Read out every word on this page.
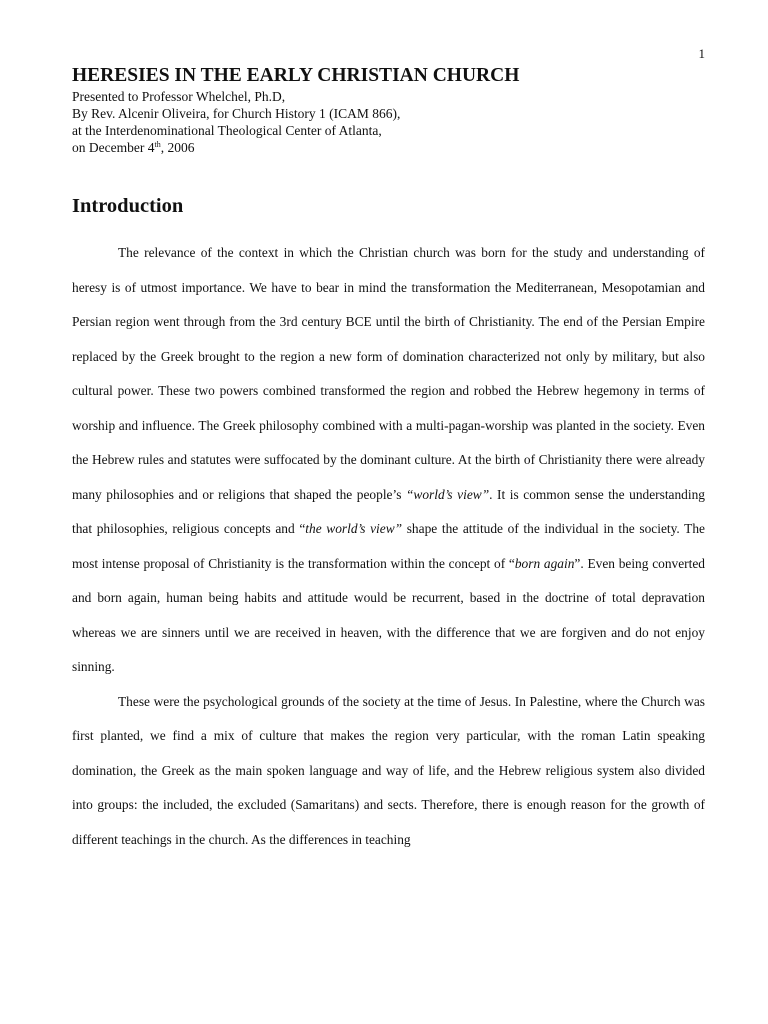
1
HERESIES IN THE EARLY CHRISTIAN CHURCH
Presented to Professor Whelchel, Ph.D,
By Rev. Alcenir Oliveira, for Church History 1 (ICAM 866),
at the Interdenominational Theological Center of Atlanta,
on December 4th, 2006
Introduction

The relevance of the context in which the Christian church was born for the study and understanding of heresy is of utmost importance. We have to bear in mind the transformation the Mediterranean, Mesopotamian and Persian region went through from the 3rd century BCE until the birth of Christianity. The end of the Persian Empire replaced by the Greek brought to the region a new form of domination characterized not only by military, but also cultural power. These two powers combined transformed the region and robbed the Hebrew hegemony in terms of worship and influence. The Greek philosophy combined with a multi-pagan-worship was planted in the society. Even the Hebrew rules and statutes were suffocated by the dominant culture. At the birth of Christianity there were already many philosophies and or religions that shaped the people’s “world’s view”. It is common sense the understanding that philosophies, religious concepts and “the world’s view” shape the attitude of the individual in the society. The most intense proposal of Christianity is the transformation within the concept of “born again”. Even being converted and born again, human being habits and attitude would be recurrent, based in the doctrine of total depravation whereas we are sinners until we are received in heaven, with the difference that we are forgiven and do not enjoy sinning.

These were the psychological grounds of the society at the time of Jesus. In Palestine, where the Church was first planted, we find a mix of culture that makes the region very particular, with the roman Latin speaking domination, the Greek as the main spoken language and way of life, and the Hebrew religious system also divided into groups: the included, the excluded (Samaritans) and sects. Therefore, there is enough reason for the growth of different teachings in the church. As the differences in teaching
